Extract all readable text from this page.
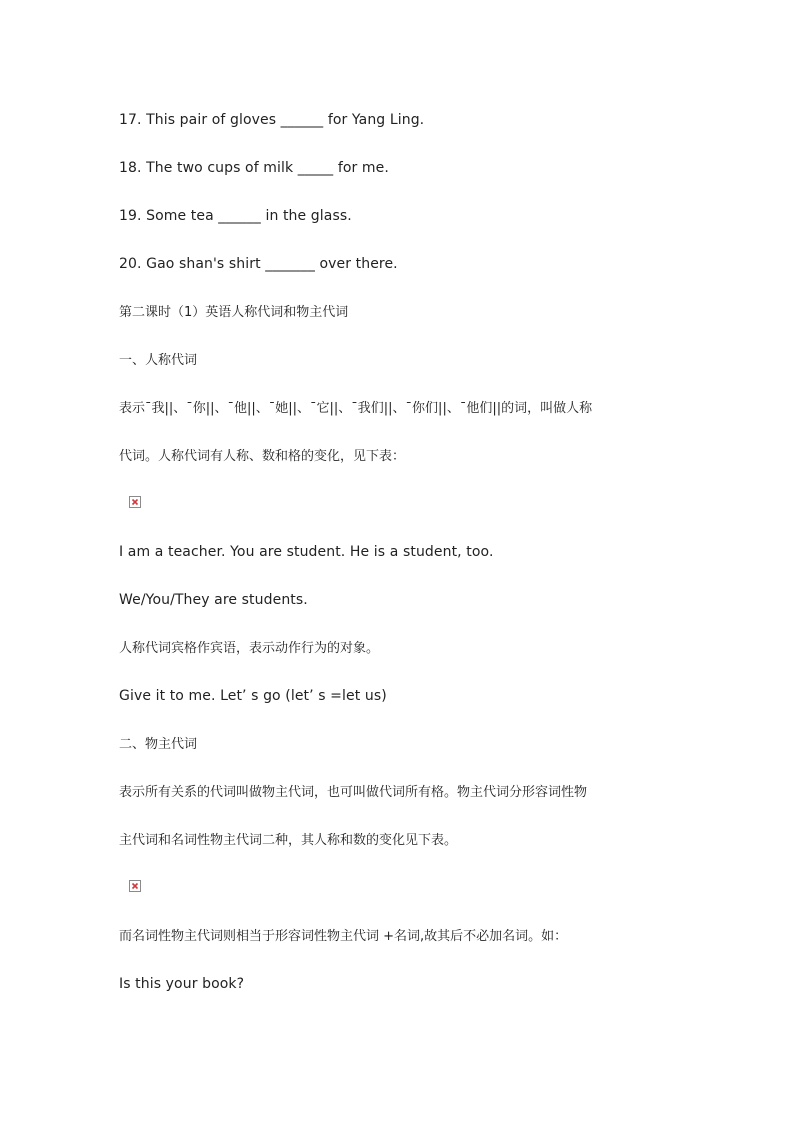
17. This pair of gloves ______ for Yang Ling.

18. The two cups of milk _____ for me.

19. Some tea ______ in the glass.

20. Gao shan's shirt _______ over there.

第二课时（1）英语人称代词和物主代词

一、人称代词

表示ˉ我||、ˉ你||、ˉ他||、ˉ她||、ˉ它||、ˉ我们||、ˉ你们||、ˉ他们||的词，叫做人称

代词。人称代词有人称、数和格的变化，见下表：

I am a teacher. You are student. He is a student, too.

We/You/They are students.

人称代词宾格作宾语，表示动作行为的对象。

Give it to me. Let’ s go (let’ s =let us)

二、物主代词

表示所有关系的代词叫做物主代词，也可叫做代词所有格。物主代词分形容词性物

主代词和名词性物主代词二种，其人称和数的变化见下表。

而名词性物主代词则相当于形容词性物主代词 +名词,故其后不必加名词。如：

Is this your book?
